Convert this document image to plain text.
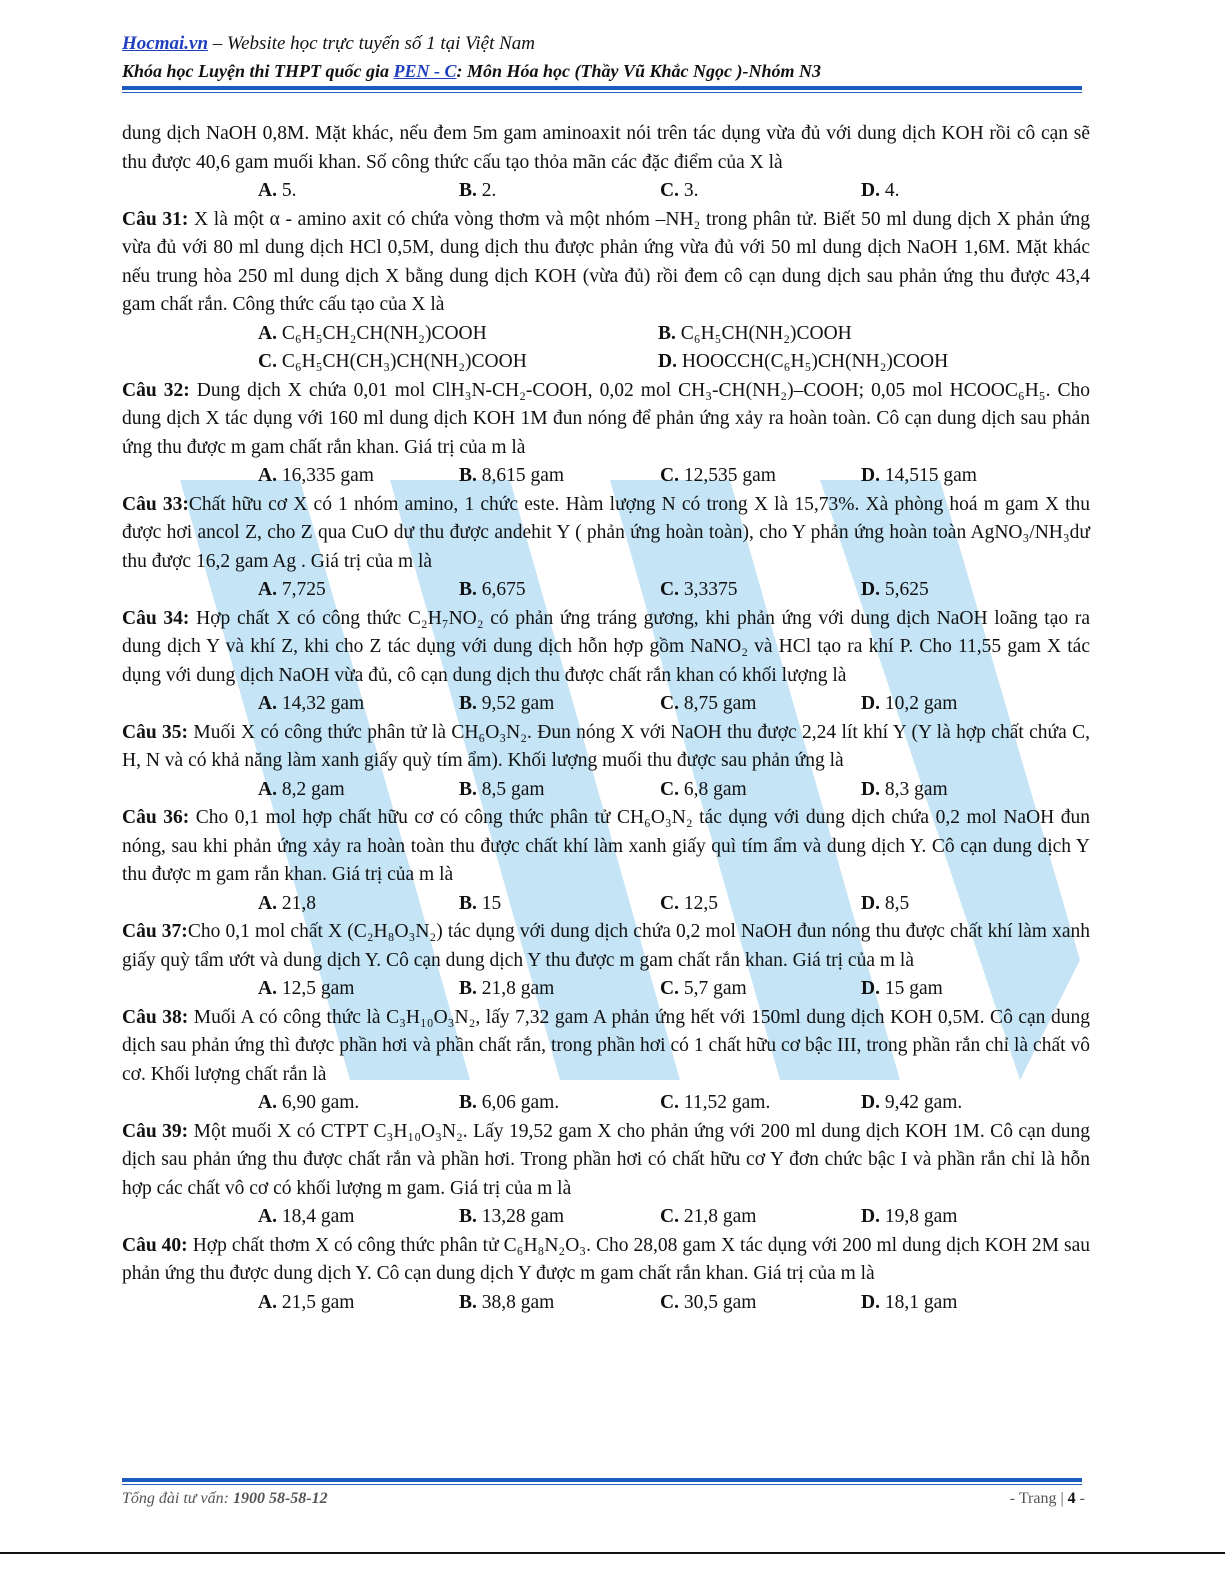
Hocmai.vn – Website học trực tuyến số 1 tại Việt Nam
Khóa học Luyện thi THPT quốc gia PEN - C: Môn Hóa học (Thầy Vũ Khắc Ngọc )-Nhóm N3

dung dịch NaOH 0,8M. Mặt khác, nếu đem 5m gam aminoaxit nói trên tác dụng vừa đủ với dung dịch KOH rồi cô cạn sẽ thu được 40,6 gam muối khan. Số công thức cấu tạo thỏa mãn các đặc điểm của X là

A. 5.	B. 2.	C. 3.	D. 4.

Câu 31: X là một α - amino axit có chứa vòng thơm và một nhóm –NH₂ trong phân tử. Biết 50 ml dung dịch X phản ứng vừa đủ với 80 ml dung dịch HCl 0,5M, dung dịch thu được phản ứng vừa đủ với 50 ml dung dịch NaOH 1,6M. Mặt khác nếu trung hòa 250 ml dung dịch X bằng dung dịch KOH (vừa đủ) rồi đem cô cạn dung dịch sau phản ứng thu được 43,4 gam chất rắn. Công thức cấu tạo của X là

A. C₆H₅CH₂CH(NH₂)COOH	B. C₆H₅CH(NH₂)COOH
C. C₆H₅CH(CH₃)CH(NH₂)COOH	D. HOOCCH(C₆H₅)CH(NH₂)COOH

Câu 32: Dung dịch X chứa 0,01 mol ClH₃N-CH₂-COOH, 0,02 mol CH₃-CH(NH₂)–COOH; 0,05 mol HCOOC₆H₅. Cho dung dịch X tác dụng với 160 ml dung dịch KOH 1M đun nóng để phản ứng xảy ra hoàn toàn. Cô cạn dung dịch sau phản ứng thu được m gam chất rắn khan. Giá trị của m là

A. 16,335 gam	B. 8,615 gam	C. 12,535 gam	D. 14,515 gam

Câu 33:Chất hữu cơ X có 1 nhóm amino, 1 chức este. Hàm lượng N có trong X là 15,73%. Xà phòng hoá m gam X thu được hơi ancol Z, cho Z qua CuO dư thu được andehit Y ( phản ứng hoàn toàn), cho Y phản ứng hoàn toàn AgNO₃/NH₃dư thu được 16,2 gam Ag . Giá trị của m là

A. 7,725	B. 6,675	C. 3,3375	D. 5,625

Câu 34: Hợp chất X có công thức C₂H₇NO₂ có phản ứng tráng gương, khi phản ứng với dung dịch NaOH loãng tạo ra dung dịch Y và khí Z, khi cho Z tác dụng với dung dịch hỗn hợp gồm NaNO₂ và HCl tạo ra khí P. Cho 11,55 gam X tác dụng với dung dịch NaOH vừa đủ, cô cạn dung dịch thu được chất rắn khan có khối lượng là

A. 14,32 gam	B. 9,52 gam	C. 8,75 gam	D. 10,2 gam

Câu 35: Muối X có công thức phân tử là CH₆O₃N₂. Đun nóng X với NaOH thu được 2,24 lít khí Y (Y là hợp chất chứa C, H, N và có khả năng làm xanh giấy quỳ tím ẩm). Khối lượng muối thu được sau phản ứng là

A. 8,2 gam	B. 8,5 gam	C. 6,8 gam	D. 8,3 gam

Câu 36: Cho 0,1 mol hợp chất hữu cơ có công thức phân tử CH₆O₃N₂ tác dụng với dung dịch chứa 0,2 mol NaOH đun nóng, sau khi phản ứng xảy ra hoàn toàn thu được chất khí làm xanh giấy quì tím ẩm và dung dịch Y. Cô cạn dung dịch Y thu được m gam rắn khan. Giá trị của m là

A. 21,8	B. 15	C. 12,5	D. 8,5

Câu 37:Cho 0,1 mol chất X (C₂H₈O₃N₂) tác dụng với dung dịch chứa 0,2 mol NaOH đun nóng thu được chất khí làm xanh giấy quỳ tẩm ướt và dung dịch Y. Cô cạn dung dịch Y thu được m gam chất rắn khan. Giá trị của m là

A. 12,5 gam	B. 21,8 gam	C. 5,7 gam	D. 15 gam

Câu 38: Muối A có công thức là C₃H₁₀O₃N₂, lấy 7,32 gam A phản ứng hết với 150ml dung dịch KOH 0,5M. Cô cạn dung dịch sau phản ứng thì được phần hơi và phần chất rắn, trong phần hơi có 1 chất hữu cơ bậc III, trong phần rắn chỉ là chất vô cơ. Khối lượng chất rắn là

A. 6,90 gam.	B. 6,06 gam.	C. 11,52 gam.	D. 9,42 gam.

Câu 39: Một muối X có CTPT C₃H₁₀O₃N₂. Lấy 19,52 gam X cho phản ứng với 200 ml dung dịch KOH 1M. Cô cạn dung dịch sau phản ứng thu được chất rắn và phần hơi. Trong phần hơi có chất hữu cơ Y đơn chức bậc I và phần rắn chỉ là hỗn hợp các chất vô cơ có khối lượng m gam. Giá trị của m là

A. 18,4 gam	B. 13,28 gam	C. 21,8 gam	D. 19,8 gam

Câu 40: Hợp chất thơm X có công thức phân tử C₆H₈N₂O₃. Cho 28,08 gam X tác dụng với 200 ml dung dịch KOH 2M sau phản ứng thu được dung dịch Y. Cô cạn dung dịch Y được m gam chất rắn khan. Giá trị của m là

A. 21,5 gam	B. 38,8 gam	C. 30,5 gam	D. 18,1 gam
Tổng đài tư vấn: 1900 58-58-12	- Trang | 4 -
